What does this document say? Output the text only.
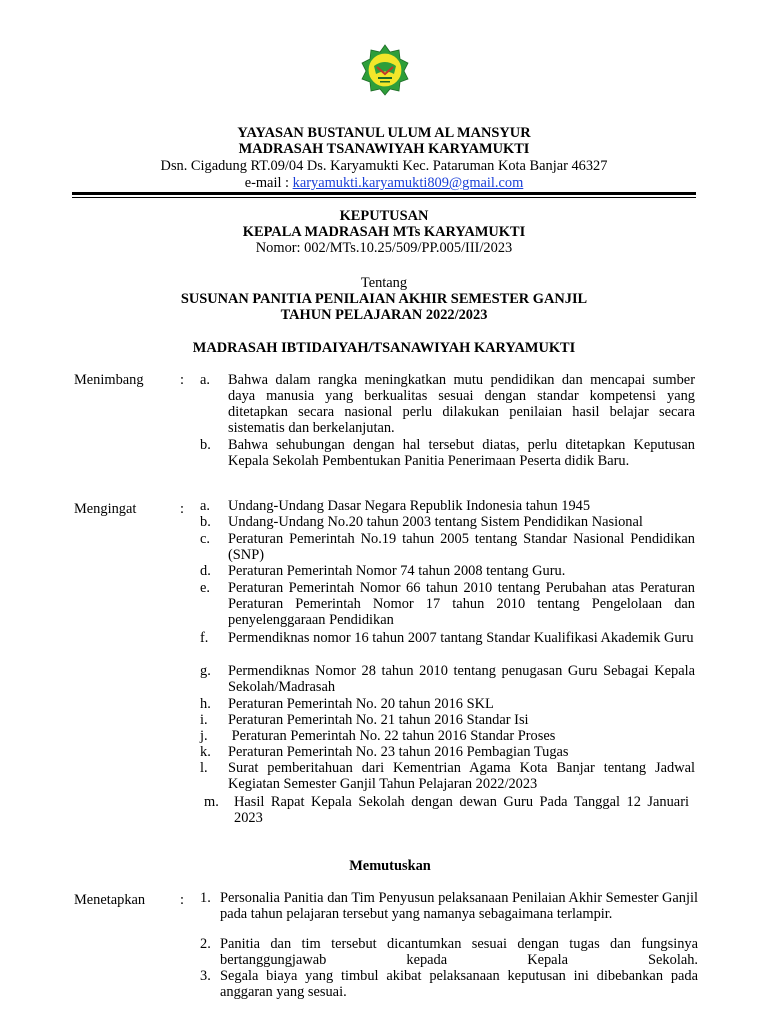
YAYASAN BUSTANUL ULUM AL MANSYUR
MADRASAH TSANAWIYAH KARYAMUKTI
Dsn. Cigadung RT.09/04 Ds. Karyamukti Kec. Pataruman Kota Banjar 46327
e-mail : karyamukti.karyamukti809@gmail.com
KEPUTUSAN
KEPALA MADRASAH MTs KARYAMUKTI
Nomor: 002/MTs.10.25/509/PP.005/III/2023
Tentang
SUSUNAN PANITIA PENILAIAN AKHIR SEMESTER GANJIL
TAHUN PELAJARAN 2022/2023
MADRASAH IBTIDAIYAH/TSANAWIYAH KARYAMUKTI
Menimbang	: a.	Bahwa dalam rangka meningkatkan mutu pendidikan dan mencapai sumber daya manusia yang berkualitas sesuai dengan standar kompetensi yang ditetapkan secara nasional perlu dilakukan penilaian hasil belajar secara sistematis dan berkelanjutan.
b.	Bahwa sehubungan dengan hal tersebut diatas, perlu ditetapkan Keputusan Kepala Sekolah Pembentukan Panitia Penerimaan Peserta didik Baru.
Mengingat	: a.	Undang-Undang Dasar Negara Republik Indonesia tahun 1945
b.	Undang-Undang No.20 tahun 2003 tentang Sistem Pendidikan Nasional
c.	Peraturan Pemerintah No.19 tahun 2005 tentang Standar Nasional Pendidikan (SNP)
d.	Peraturan Pemerintah Nomor 74 tahun 2008 tentang Guru.
e.	Peraturan Pemerintah Nomor 66 tahun 2010 tentang Perubahan atas Peraturan Peraturan Pemerintah Nomor 17 tahun 2010 tentang Pengelolaan dan penyelenggaraan Pendidikan
f.	Permendiknas nomor 16 tahun 2007 tantang Standar Kualifikasi Akademik Guru
g.	Permendiknas Nomor 28 tahun 2010 tentang penugasan Guru Sebagai Kepala Sekolah/Madrasah
h.	Peraturan Pemerintah No. 20 tahun 2016 SKL
i.	Peraturan Pemerintah No. 21 tahun 2016 Standar Isi
j.	Peraturan Pemerintah No. 22 tahun 2016 Standar Proses
k.	Peraturan Pemerintah No. 23 tahun 2016 Pembagian Tugas
l.	Surat pemberitahuan dari Kementrian Agama Kota Banjar tentang Jadwal Kegiatan Semester Ganjil Tahun Pelajaran 2022/2023
m.	Hasil Rapat Kepala Sekolah dengan dewan Guru Pada Tanggal 12 Januari 2023
Memutuskan
Menetapkan : 1. Personalia Panitia dan Tim Penyusun pelaksanaan Penilaian Akhir Semester Ganjil pada tahun pelajaran tersebut yang namanya sebagaimana terlampir.
2. Panitia dan tim tersebut dicantumkan sesuai dengan tugas dan fungsinya bertanggungjawab kepada Kepala Sekolah.
3. Segala biaya yang timbul akibat pelaksanaan keputusan ini dibebankan pada anggaran yang sesuai.
